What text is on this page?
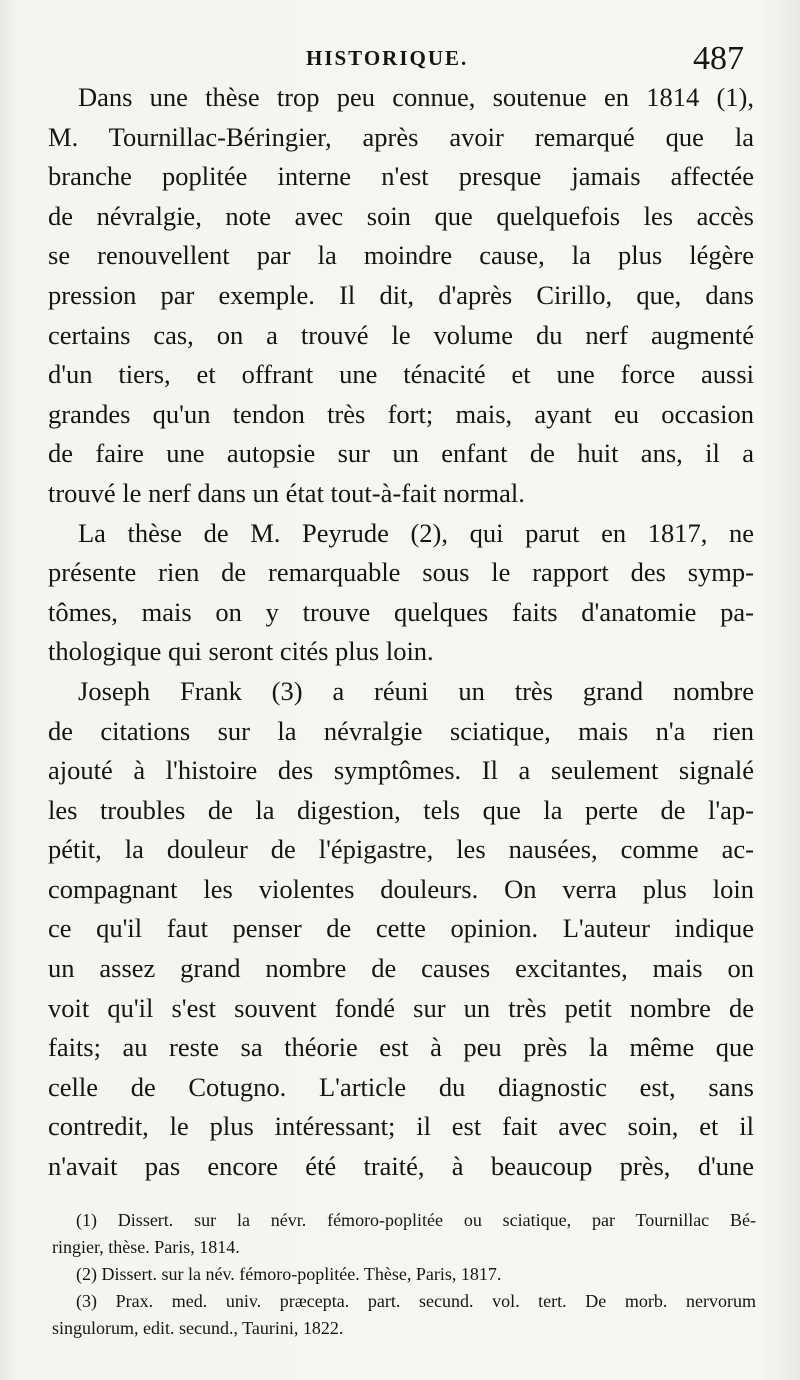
HISTORIQUE.	487
Dans une thèse trop peu connue, soutenue en 1814 (1),
M. Tournillac-Béringier, après avoir remarqué que la
branche poplitée interne n'est presque jamais affectée
de névralgie, note avec soin que quelquefois les accès
se renouvellent par la moindre cause, la plus légère
pression par exemple. Il dit, d'après Cirillo, que, dans
certains cas, on a trouvé le volume du nerf augmenté
d'un tiers, et offrant une ténacité et une force aussi
grandes qu'un tendon très fort; mais, ayant eu occasion
de faire une autopsie sur un enfant de huit ans, il a
trouvé le nerf dans un état tout-à-fait normal.
La thèse de M. Peyrude (2), qui parut en 1817, ne
présente rien de remarquable sous le rapport des symp-
tômes, mais on y trouve quelques faits d'anatomie pa-
thologique qui seront cités plus loin.
Joseph Frank (3) a réuni un très grand nombre
de citations sur la névralgie sciatique, mais n'a rien
ajouté à l'histoire des symptômes. Il a seulement signalé
les troubles de la digestion, tels que la perte de l'ap-
pétit, la douleur de l'épigastre, les nausées, comme ac-
compagnant les violentes douleurs. On verra plus loin
ce qu'il faut penser de cette opinion. L'auteur indique
un assez grand nombre de causes excitantes, mais on
voit qu'il s'est souvent fondé sur un très petit nombre de
faits; au reste sa théorie est à peu près la même que
celle de Cotugno. L'article du diagnostic est, sans
contredit, le plus intéressant; il est fait avec soin, et il
n'avait pas encore été traité, à beaucoup près, d'une
(1) Dissert. sur la névr. fémoro-poplitée ou sciatique, par Tournillac Bé-
ringier, thèse. Paris, 1814.
(2) Dissert. sur la név. fémoro-poplitée. Thèse, Paris, 1817.
(3) Prax. med. univ. præcepta. part. secund. vol. tert. De morb. nervorum
singulorum, edit. secund., Taurini, 1822.
